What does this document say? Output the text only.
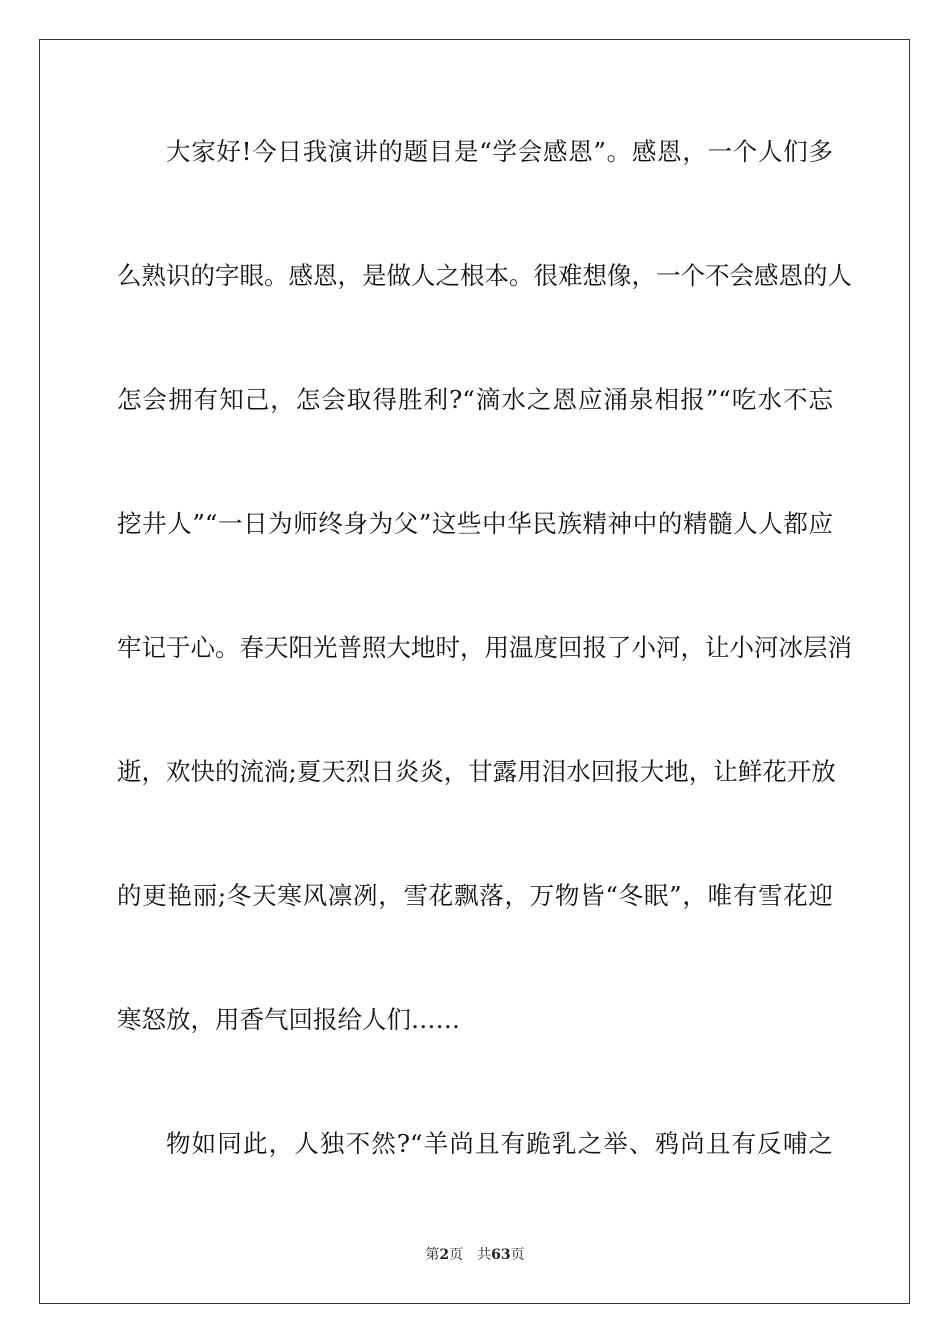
大家好!今日我演讲的题目是“学会感恩”。感恩，一个人们多
么熟识的字眼。感恩，是做人之根本。很难想像，一个不会感恩的人
怎会拥有知己，怎会取得胜利?“滴水之恩应涌泉相报”“吃水不忘
挖井人”“一日为师终身为父”这些中华民族精神中的精髓人人都应
牢记于心。春天阳光普照大地时，用温度回报了小河，让小河冰层消
逝，欢快的流淌;夏天烈日炎炎，甘露用泪水回报大地，让鲜花开放
的更艳丽;冬天寒风凛冽，雪花飘落，万物皆“冬眠”，唯有雪花迎
寒怒放，用香气回报给人们……
物如同此，人独不然?“羊尚且有跪乳之举、鸦尚且有反哺之
第2页 共63页
